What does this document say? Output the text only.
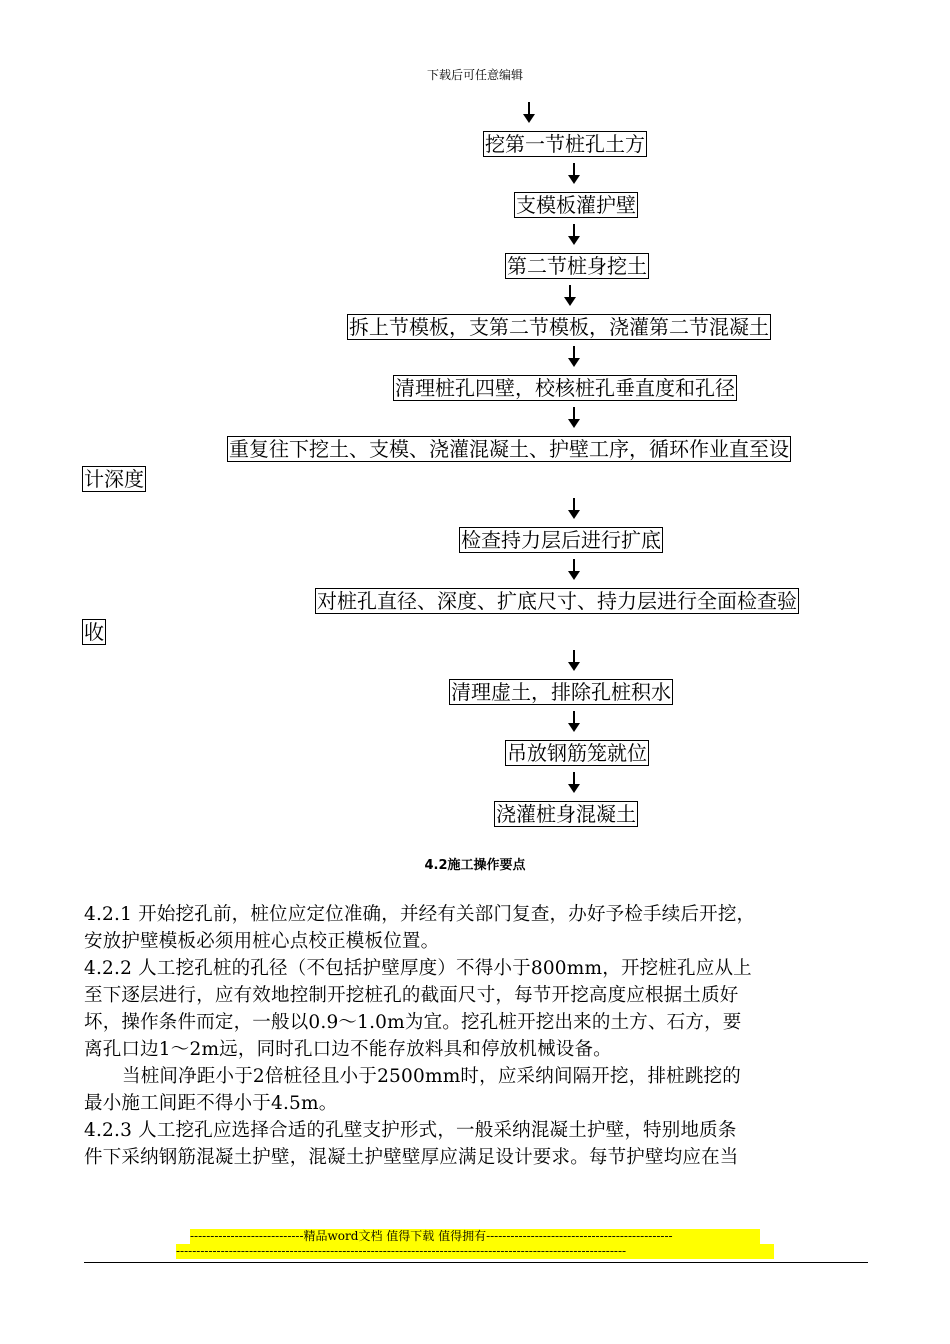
下载后可任意编辑
挖第一节桩孔土方
支模板灌护壁
第二节桩身挖土
拆上节模板，支第二节模板，浇灌第二节混凝土
清理桩孔四壁，校核桩孔垂直度和孔径
重复往下挖土、支模、浇灌混凝土、护壁工序，循环作业直至设
计深度
检查持力层后进行扩底
对桩孔直径、深度、扩底尺寸、持力层进行全面检查验
收
清理虚土，排除孔桩积水
吊放钢筋笼就位
浇灌桩身混凝土
4.2施工操作要点
4.2.1 开始挖孔前，桩位应定位准确，并经有关部门复查，办好予检手续后开挖，
安放护壁模板必须用桩心点校正模板位置。
4.2.2 人工挖孔桩的孔径（不包括护壁厚度）不得小于800mm，开挖桩孔应从上
至下逐层进行，应有效地控制开挖桩孔的截面尺寸，每节开挖高度应根据土质好
坏，操作条件而定，一般以0.9～1.0m为宜。挖孔桩开挖出来的土方、石方，要
离孔口边1～2m远，同时孔口边不能存放料具和停放机械设备。
当桩间净距小于2倍桩径且小于2500mm时，应采纳间隔开挖，排桩跳挖的
最小施工间距不得小于4.5m。
4.2.3 人工挖孔应选择合适的孔壁支护形式，一般采纳混凝土护壁，特别地质条
件下采纳钢筋混凝土护壁，混凝土护壁壁厚应满足设计要求。每节护壁均应在当
----------------------------精品word文档 值得下载 值得拥有----------------------------------------------
---------------------------------------------------------------------------------------------------------------
